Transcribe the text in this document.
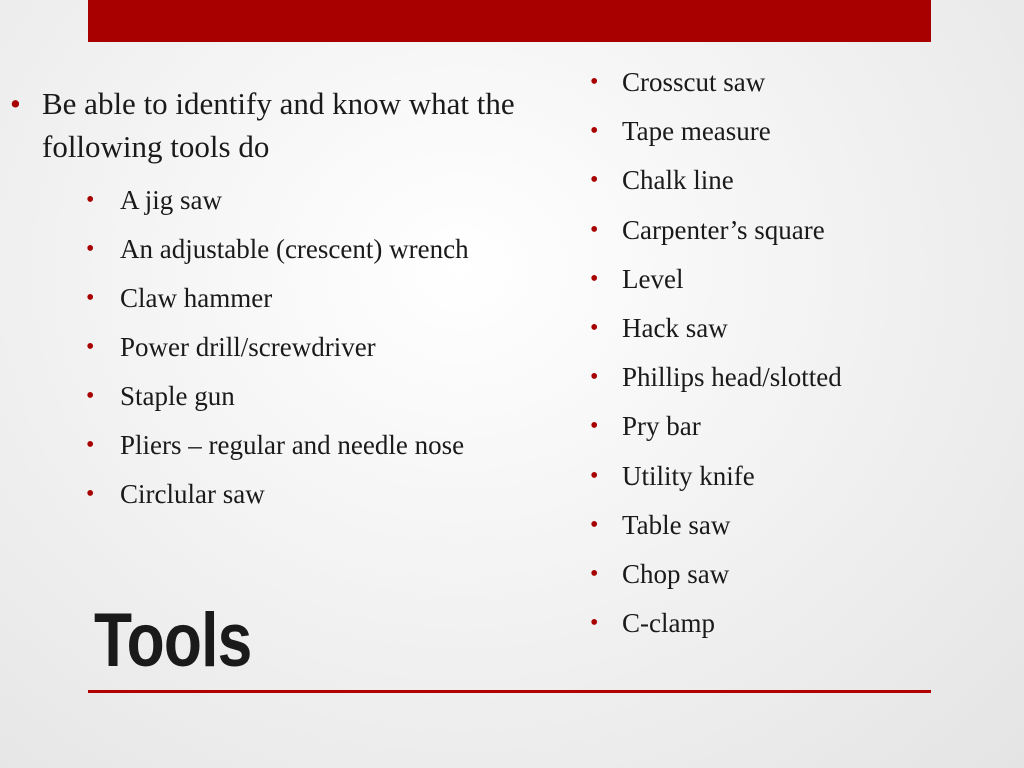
• Be able to identify and know what the following tools do
• A jig saw
• An adjustable (crescent) wrench
• Claw hammer
• Power drill/screwdriver
• Staple gun
• Pliers – regular and needle nose
• Circlular saw
• Crosscut saw
• Tape measure
• Chalk line
• Carpenter’s square
• Level
• Hack saw
• Phillips head/slotted
• Pry bar
• Utility knife
• Table saw
• Chop saw
• C-clamp
Tools
